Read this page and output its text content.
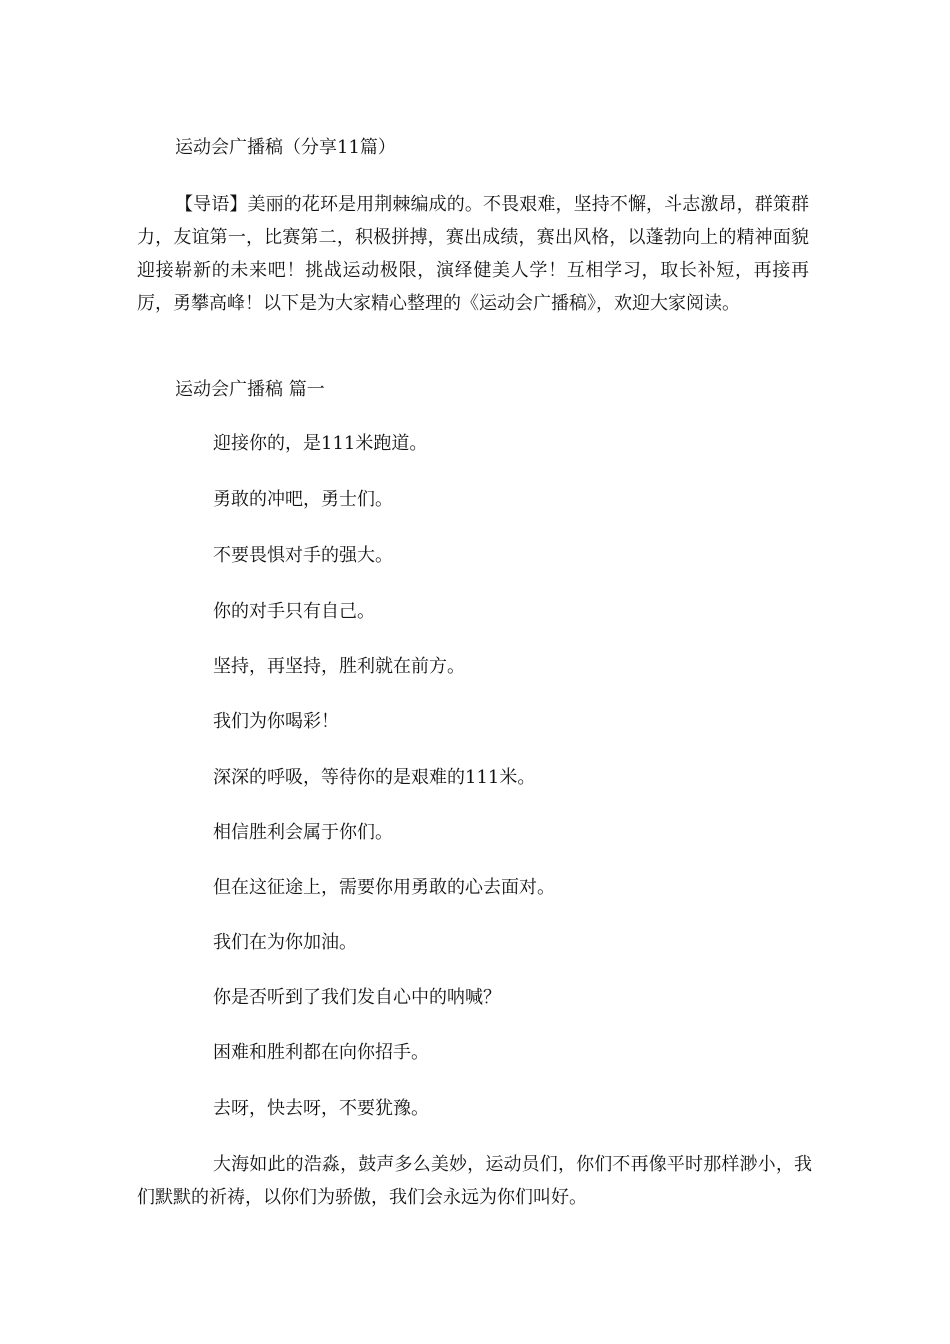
运动会广播稿（分享11篇）
【导语】美丽的花环是用荆棘编成的。不畏艰难，坚持不懈，斗志激昂，群策群力，友谊第一，比赛第二，积极拼搏，赛出成绩，赛出风格，以蓬勃向上的精神面貌迎接崭新的未来吧！挑战运动极限，演绎健美人学！互相学习，取长补短，再接再厉，勇攀高峰！以下是为大家精心整理的《运动会广播稿》，欢迎大家阅读。
运动会广播稿 篇一
迎接你的，是111米跑道。
勇敢的冲吧，勇士们。
不要畏惧对手的强大。
你的对手只有自己。
坚持，再坚持，胜利就在前方。
我们为你喝彩！
深深的呼吸，等待你的是艰难的111米。
相信胜利会属于你们。
但在这征途上，需要你用勇敢的心去面对。
我们在为你加油。
你是否听到了我们发自心中的呐喊？
困难和胜利都在向你招手。
去呀，快去呀，不要犹豫。
大海如此的浩淼，鼓声多么美妙，运动员们，你们不再像平时那样渺小，我们默默的祈祷，以你们为骄傲，我们会永远为你们叫好。
